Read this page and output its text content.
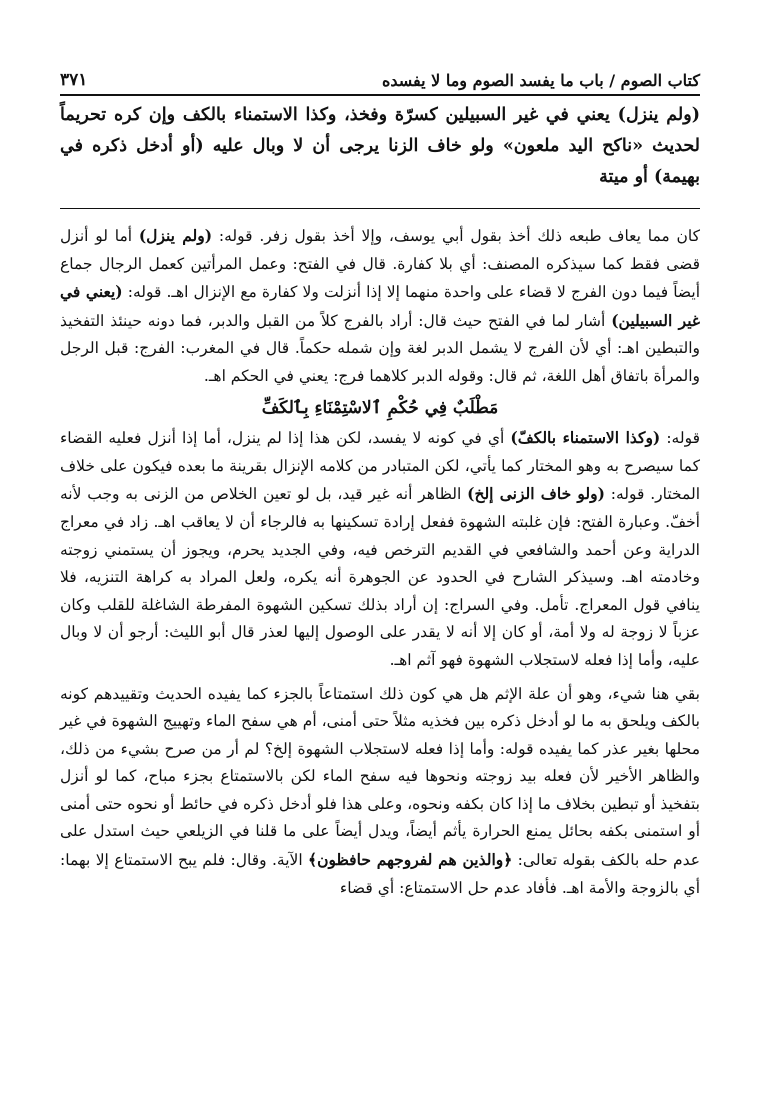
كتاب الصوم / باب ما يفسد الصوم وما لا يفسده
٣٧١
(ولم ينزل) يعني في غير السبيلين كسرّة وفخذ، وكذا الاستمناء بالكف وإن كره تحريماً لحديث «ناكح اليد ملعون» ولو خاف الزنا يرجى أن لا وبال عليه (أو أدخل ذكره في بهيمة) أو ميتة

كان مما يعاف طبعه ذلك أخذ بقول أبي يوسف، وإلا أخذ بقول زفر. قوله: (ولم ينزل) أما لو أنزل قضى فقط كما سيذكره المصنف: أي بلا كفارة. قال في الفتح: وعمل المرأتين كعمل الرجال جماع أيضاً فيما دون الفرج لا قضاء على واحدة منهما إلا إذا أنزلت ولا كفارة مع الإنزال اهـ. قوله: (يعني في غير السبيلين) أشار لما في الفتح حيث قال: أراد بالفرج كلاً من القبل والدبر، فما دونه حينئذ التفخيذ والتبطين اهـ: أي لأن الفرج لا يشمل الدبر لغة وإن شمله حكماً. قال في المغرب: الفرج: قبل الرجل والمرأة باتفاق أهل اللغة، ثم قال: وقوله الدبر كلاهما فرج: يعني في الحكم اهـ.

مَطْلَبٌ فِي حُكْمِ ٱلاسْتِمْنَاءِ بِٱلكَفِّ

قوله: (وكذا الاستمناء بالكفّ) أي في كونه لا يفسد، لكن هذا إذا لم ينزل، أما إذا أنزل فعليه القضاء كما سيصرح به وهو المختار كما يأتي، لكن المتبادر من كلامه الإنزال بقرينة ما بعده فيكون على خلاف المختار. قوله: (ولو خاف الزنى إلخ) الظاهر أنه غير قيد، بل لو تعين الخلاص من الزنى به وجب لأنه أخفّ. وعبارة الفتح: فإن غلبته الشهوة ففعل إرادة تسكينها به فالرجاء أن لا يعاقب اهـ. زاد في معراج الدراية وعن أحمد والشافعي في القديم الترخص فيه، وفي الجديد يحرم، ويجوز أن يستمني زوجته وخادمته اهـ. وسيذكر الشارح في الحدود عن الجوهرة أنه يكره، ولعل المراد به كراهة التنزيه، فلا ينافي قول المعراج. تأمل. وفي السراج: إن أراد بذلك تسكين الشهوة المفرطة الشاغلة للقلب وكان عزباً لا زوجة له ولا أمة، أو كان إلا أنه لا يقدر على الوصول إليها لعذر قال أبو الليث: أرجو أن لا وبال عليه، وأما إذا فعله لاستجلاب الشهوة فهو آثم اهـ.

بقي هنا شيء، وهو أن علة الإثم هل هي كون ذلك استمتاعاً بالجزء كما يفيده الحديث وتقييدهم كونه بالكف ويلحق به ما لو أدخل ذكره بين فخذيه مثلاً حتى أمنى، أم هي سفح الماء وتهييج الشهوة في غير محلها بغير عذر كما يفيده قوله: وأما إذا فعله لاستجلاب الشهوة إلخ؟ لم أر من صرح بشيء من ذلك، والظاهر الأخير لأن فعله بيد زوجته ونحوها فيه سفح الماء لكن بالاستمتاع بجزء مباح، كما لو أنزل بتفخيذ أو تبطين بخلاف ما إذا كان بكفه ونحوه، وعلى هذا فلو أدخل ذكره في حائط أو نحوه حتى أمنى أو استمنى بكفه بحائل يمنع الحرارة يأثم أيضاً، ويدل أيضاً على ما قلنا في الزيلعي حيث استدل على عدم حله بالكف بقوله تعالى: ﴿والذين هم لفروجهم حافظون﴾ الآية. وقال: فلم يبح الاستمتاع إلا بهما: أي بالزوجة والأمة اهـ. فأفاد عدم حل الاستمتاع: أي قضاء
